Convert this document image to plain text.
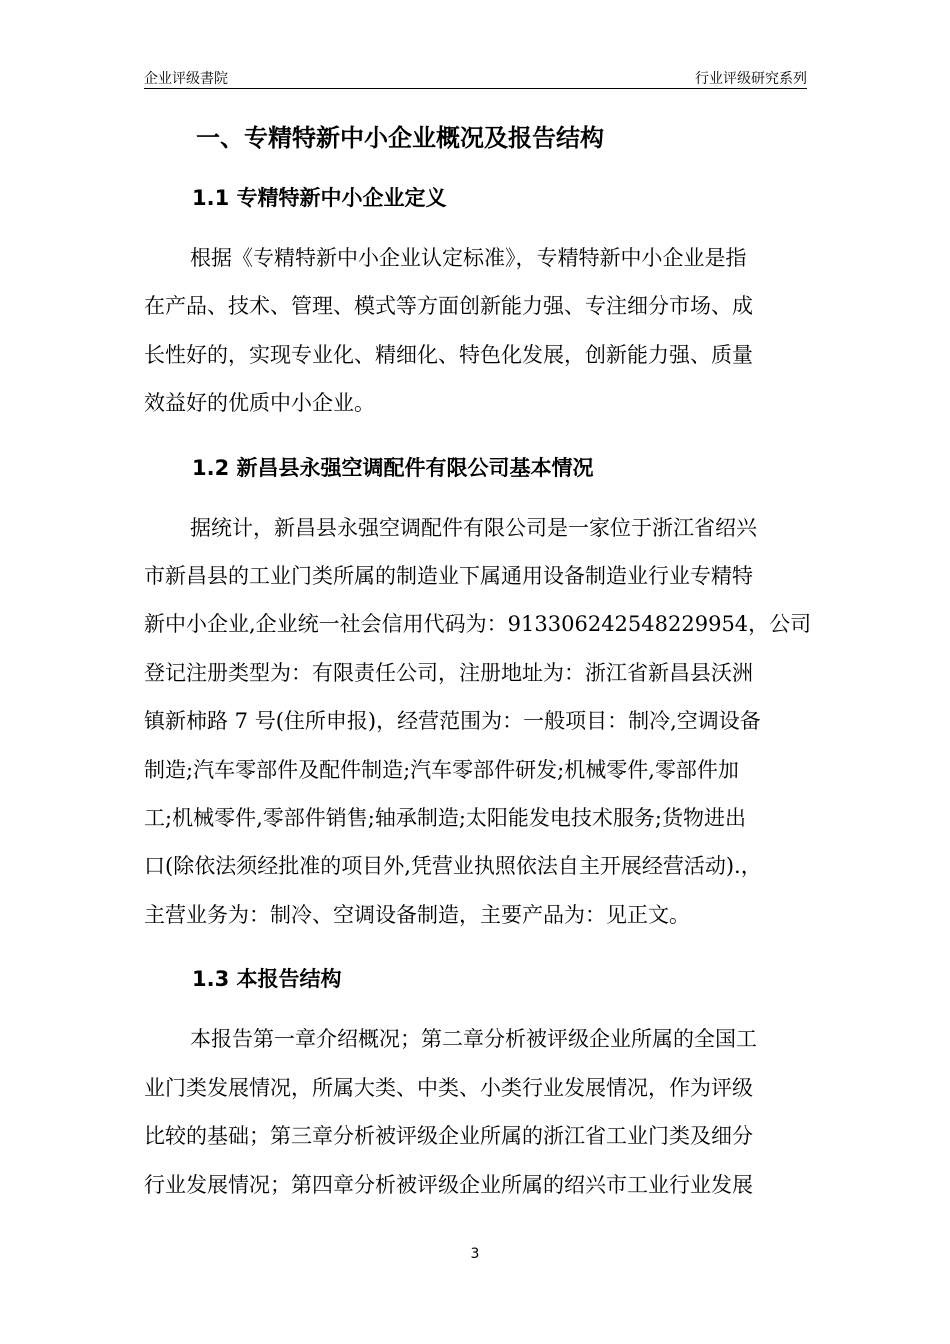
企业评级書院	行业评级研究系列
一、专精特新中小企业概况及报告结构
1.1 专精特新中小企业定义

根据《专精特新中小企业认定标准》，专精特新中小企业是指

在产品、技术、管理、模式等方面创新能力强、专注细分市场、成

长性好的，实现专业化、精细化、特色化发展，创新能力强、质量

效益好的优质中小企业。

1.2 新昌县永强空调配件有限公司基本情况

据统计，新昌县永强空调配件有限公司是一家位于浙江省绍兴

市新昌县的工业门类所属的制造业下属通用设备制造业行业专精特

新中小企业,企业统一社会信用代码为：91330624254822995​4，公司

登记注册类型为：有限责任公司，注册地址为：浙江省新昌县沃洲

镇新柿路 7 号(住所申报)，经营范围为：一般项目：制冷,空调设备

制造;汽车零部件及配件制造;汽车零部件研发;机械零件,零部件加

工;机械零件,零部件销售;轴承制造;太阳能发电技术服务;货物进出

口(除依法须经批准的项目外,凭营业执照依法自主开展经营活动).，

主营业务为：制冷、空调设备制造，主要产品为：见正文。

1.3 本报告结构

本报告第一章介绍概况；第二章分析被评级企业所属的全国工

业门类发展情况，所属大类、中类、小类行业发展情况，作为评级

比较的基础；第三章分析被评级企业所属的浙江省工业门类及细分

行业发展情况；第四章分析被评级企业所属的绍兴市工业行业发展

3
